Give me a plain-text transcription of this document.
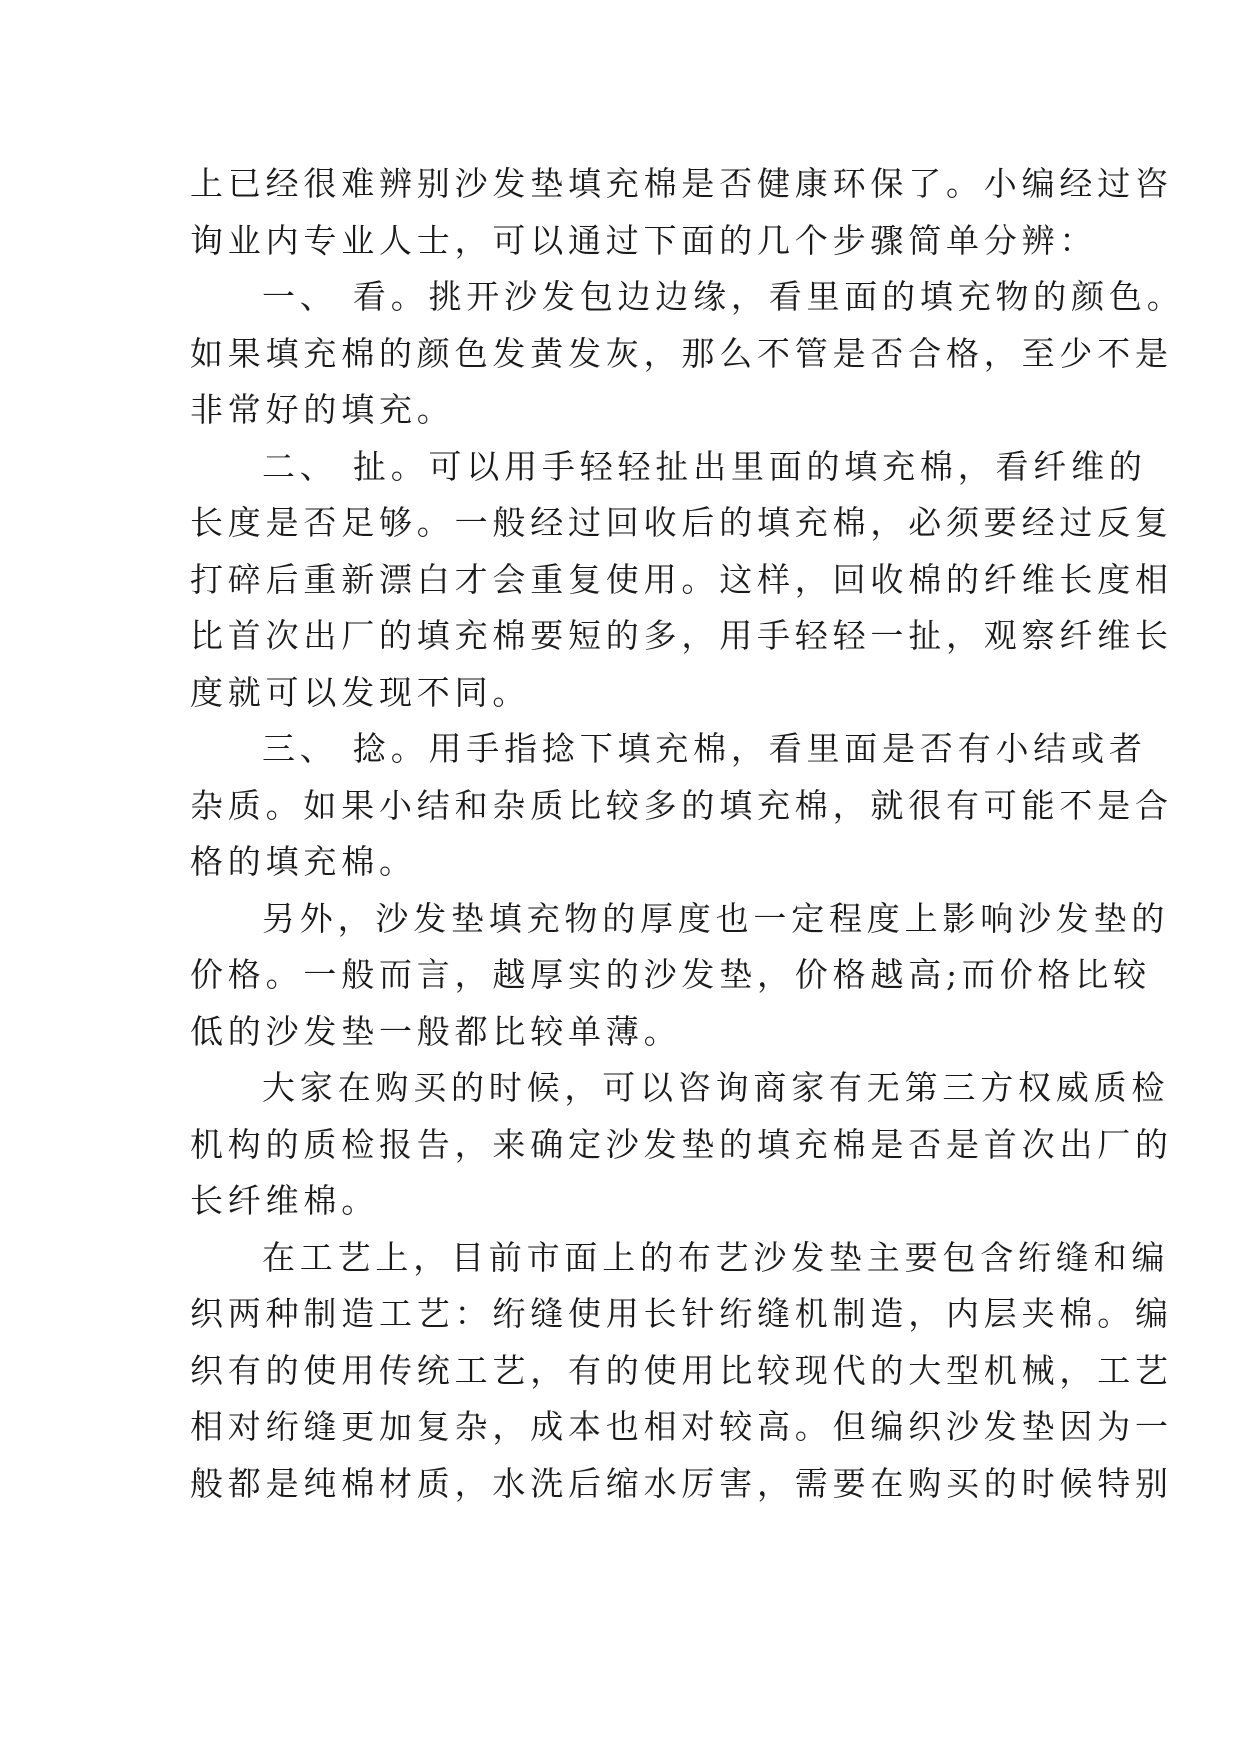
上已经很难辨别沙发垫填充棉是否健康环保了。小编经过咨
询业内专业人士，可以通过下面的几个步骤简单分辨：
一、 看。挑开沙发包边边缘，看里面的填充物的颜色。
如果填充棉的颜色发黄发灰，那么不管是否合格，至少不是
非常好的填充。
二、 扯。可以用手轻轻扯出里面的填充棉，看纤维的
长度是否足够。一般经过回收后的填充棉，必须要经过反复
打碎后重新漂白才会重复使用。这样，回收棉的纤维长度相
比首次出厂的填充棉要短的多，用手轻轻一扯，观察纤维长
度就可以发现不同。
三、 捻。用手指捻下填充棉，看里面是否有小结或者
杂质。如果小结和杂质比较多的填充棉，就很有可能不是合
格的填充棉。
另外，沙发垫填充物的厚度也一定程度上影响沙发垫的
价格。一般而言，越厚实的沙发垫，价格越高;而价格比较
低的沙发垫一般都比较单薄。
大家在购买的时候，可以咨询商家有无第三方权威质检
机构的质检报告，来确定沙发垫的填充棉是否是首次出厂的
长纤维棉。
在工艺上，目前市面上的布艺沙发垫主要包含绗缝和编
织两种制造工艺：绗缝使用长针绗缝机制造，内层夹棉。编
织有的使用传统工艺，有的使用比较现代的大型机械，工艺
相对绗缝更加复杂，成本也相对较高。但编织沙发垫因为一
般都是纯棉材质，水洗后缩水厉害，需要在购买的时候特别
